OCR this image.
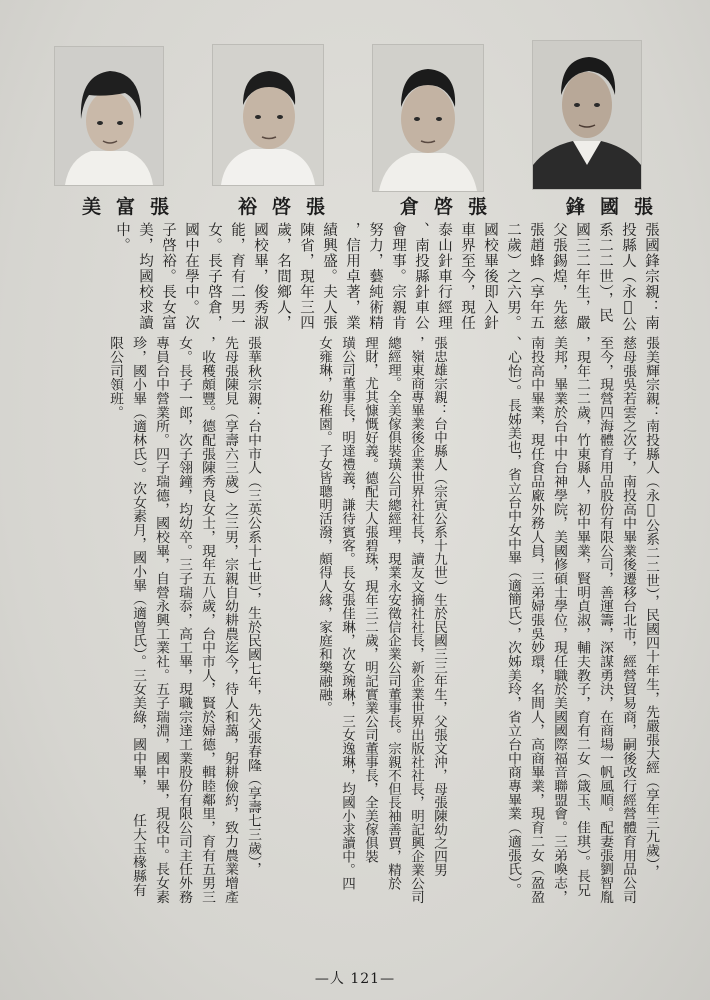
張富美	張啓裕	張啓倉	張國鋒
張國鋒宗親：南
投縣人（永𨱽公
系二二世），民
國三二年生，嚴
父張錫煌，先慈
張趙蜂（享年五
二歲）之六男。
國校畢後即入針
車界至今，現任
泰山針車行經理
、南投縣針車公
會理事。宗親肯
努力，藝純術精
，信用卓著，業
績興盛。夫人張
陳省，現年三四
歲，名間鄉人，
國校畢，俊秀淑
能，育有二男一
女。長子啓倉，
國中在學中。次
子啓裕。長女富
美，均國校求讀
中。
張美輝宗親：南投縣人（永𨱽公系二二世），民國四十年生，先嚴張大經（享年三九歲），
慈母張吳若雲之次子，南投高中畢業後遷移台北市，經營貿易商，嗣後改行經營體育用品公司
至今，現營四海體育用品股份有限公司，善運籌，深謀勇決，在商場一帆風順。配妻張劉智胤
，現年二二歲，竹東縣人，初中畢業，賢明貞淑，輔夫教子，育有二女（箴玉、佳琪）。長兄
美邦，畢業於台中中台神學院，美國修碩士學位，現任職於美國國際福音聯盟會。三弟喚志，
南投高中畢業，現任食品廠外務人員，三弟婦張吳妙環，名間人，高商畢業，現育二女（盈盈
、心怡）。長姊美也，省立台中女中畢（適簡氏），次姊美玲，省立台中商專畢業（適張氏）。
張忠雄宗親：台中縣人（宗寅公系十九世）生於民國三三年生，父張文沖，母張陳幼之四男
，嶺東商專畢業後企業世界社社長，讀友文摘社社長，新企業世界出版社社長，明記興企業公司
總經理。全美傢俱裝璜公司總經理，現業永安徵信企業公司董事長。宗親不但長袖善賈，精於
理財，尤其慷慨好義。德配夫人張碧珠，現年三二歲，明記實業公司董事長，全美傢俱裝
璜公司董事長，明達禮義，謙待賓客。長女張佳琳，次女琬琳，三女逸琳，均國小求讀中。四
女雍琳，幼稚園。子女皆聰明活潑，頗得人緣，家庭和樂融融。
張華秋宗親：台中市人（三英公系十七世），生於民國七年，先父張春隆（享壽七三歲），
先母張陳見（享壽六三歲）之三男，宗親自幼耕農迄今，待人和藹，躬耕儉約，致力農業增產
，收穫頗豐。德配張陳秀良女士，現年五八歲，台中市人，賢於婦德，輯睦鄰里，育有五男三
女。長子一郎，次子翎鐘，均幼卒。三子瑞忝，高工畢，現職宗達工業股份有限公司主任外務
專員台中營業所。四子瑞德，國校畢，自營永興工業社。五子瑞淵，國中畢，現役中。長女素
珍，國小畢（適林氏）。次女素月，國小畢（適曾氏）。三女美綠，國中畢，　　任大玉椽縣有
限公司領班。
—人 121—
